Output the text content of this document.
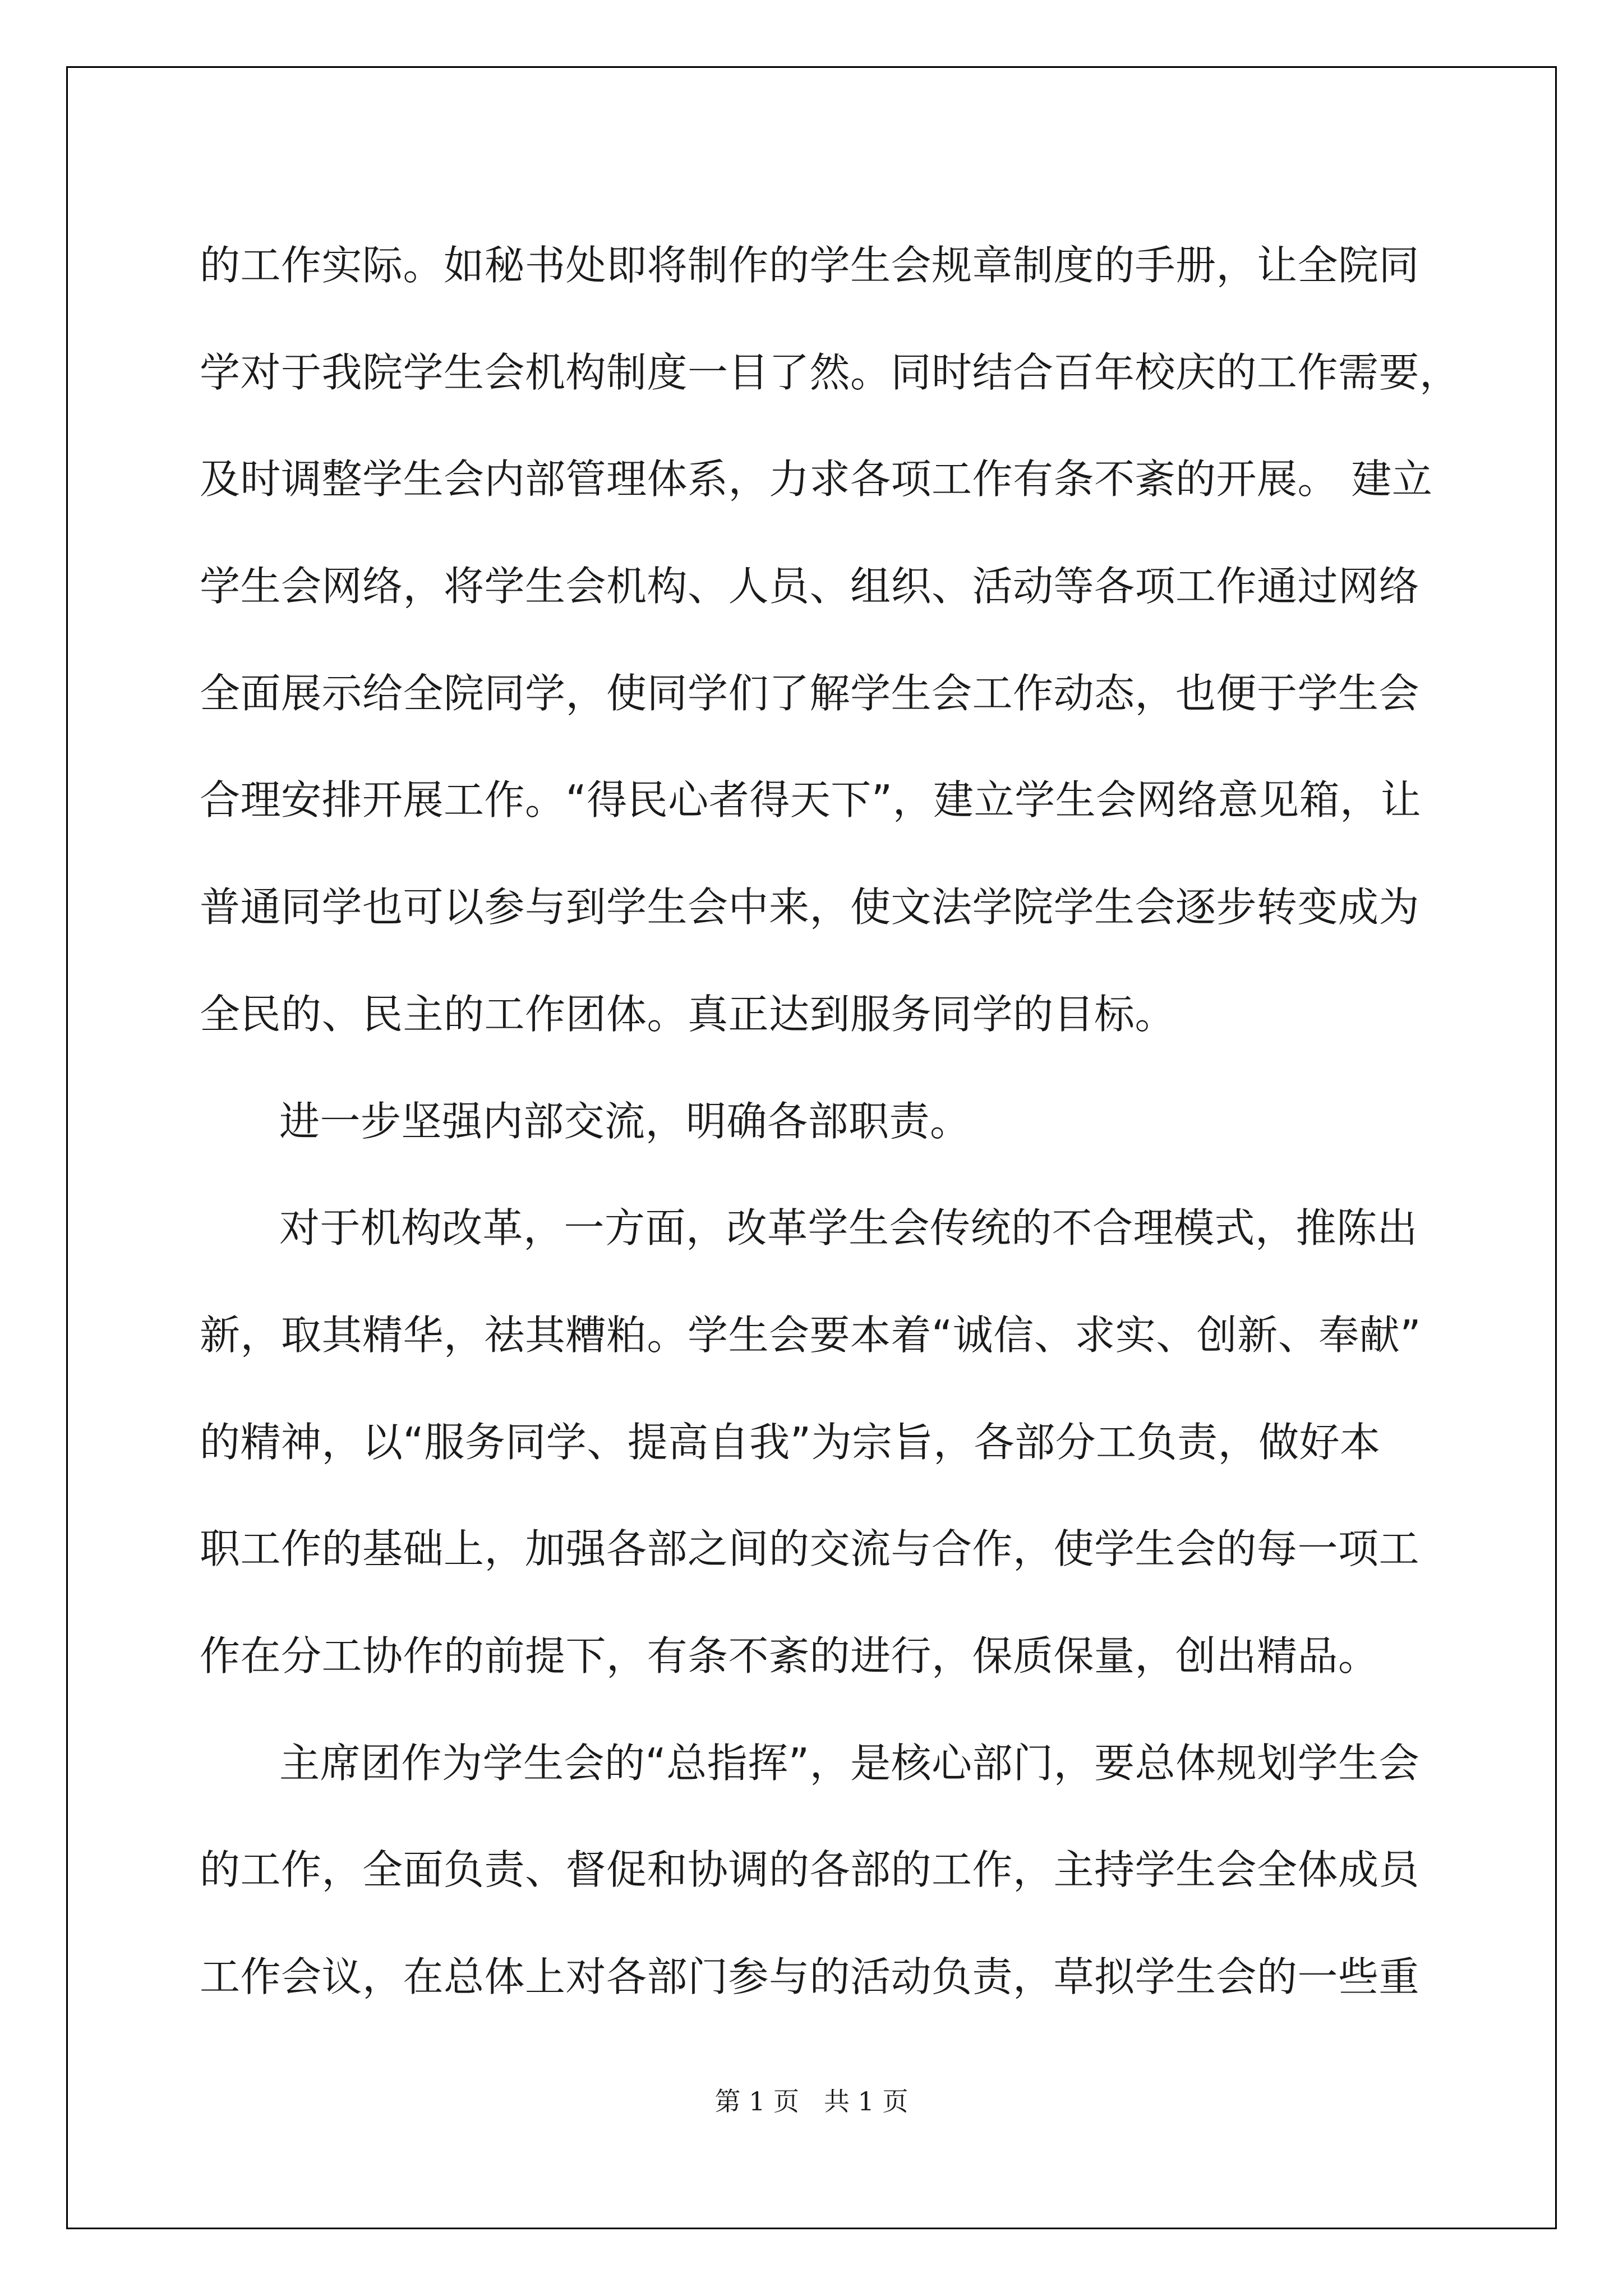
的工作实际。如秘书处即将制作的学生会规章制度的手册，让全院同
学对于我院学生会机构制度一目了然。同时结合百年校庆的工作需要，
及时调整学生会内部管理体系，力求各项工作有条不紊的开展。 建立
学生会网络，将学生会机构、人员、组织、活动等各项工作通过网络
全面展示给全院同学，使同学们了解学生会工作动态，也便于学生会
合理安排开展工作。“得民心者得天下”，建立学生会网络意见箱，让
普通同学也可以参与到学生会中来，使文法学院学生会逐步转变成为
全民的、民主的工作团体。真正达到服务同学的目标。
进一步坚强内部交流，明确各部职责。
对于机构改革，一方面，改革学生会传统的不合理模式，推陈出
新，取其精华，祛其糟粕。学生会要本着“诚信、求实、创新、奉献”
的精神，以“服务同学、提高自我”为宗旨，各部分工负责，做好本
职工作的基础上，加强各部之间的交流与合作，使学生会的每一项工
作在分工协作的前提下，有条不紊的进行，保质保量，创出精品。
主席团作为学生会的“总指挥”，是核心部门，要总体规划学生会
的工作，全面负责、督促和协调的各部的工作，主持学生会全体成员
工作会议，在总体上对各部门参与的活动负责，草拟学生会的一些重
第 1 页 共 1 页
